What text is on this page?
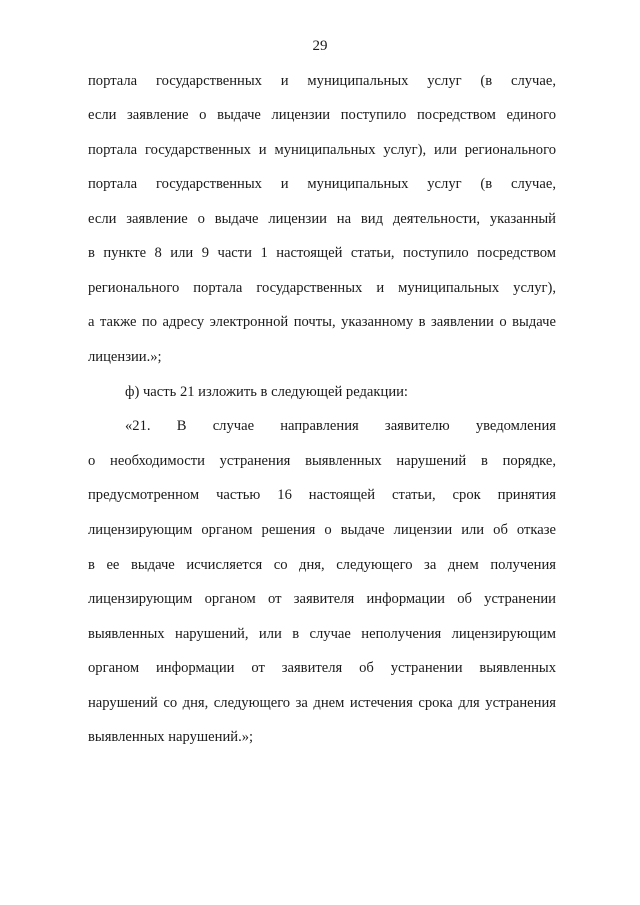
29
портала государственных и муниципальных услуг (в случае,
если заявление о выдаче лицензии поступило посредством единого
портала государственных и муниципальных услуг), или регионального
портала государственных и муниципальных услуг (в случае,
если заявление о выдаче лицензии на вид деятельности, указанный
в пункте 8 или 9 части 1 настоящей статьи, поступило посредством
регионального портала государственных и муниципальных услуг),
а также по адресу электронной почты, указанному в заявлении о выдаче
лицензии.»;
ф) часть 21 изложить в следующей редакции:
«21. В случае направления заявителю уведомления
о необходимости устранения выявленных нарушений в порядке,
предусмотренном частью 16 настоящей статьи, срок принятия
лицензирующим органом решения о выдаче лицензии или об отказе
в ее выдаче исчисляется со дня, следующего за днем получения
лицензирующим органом от заявителя информации об устранении
выявленных нарушений, или в случае неполучения лицензирующим
органом информации от заявителя об устранении выявленных
нарушений со дня, следующего за днем истечения срока для устранения
выявленных нарушений.»;
